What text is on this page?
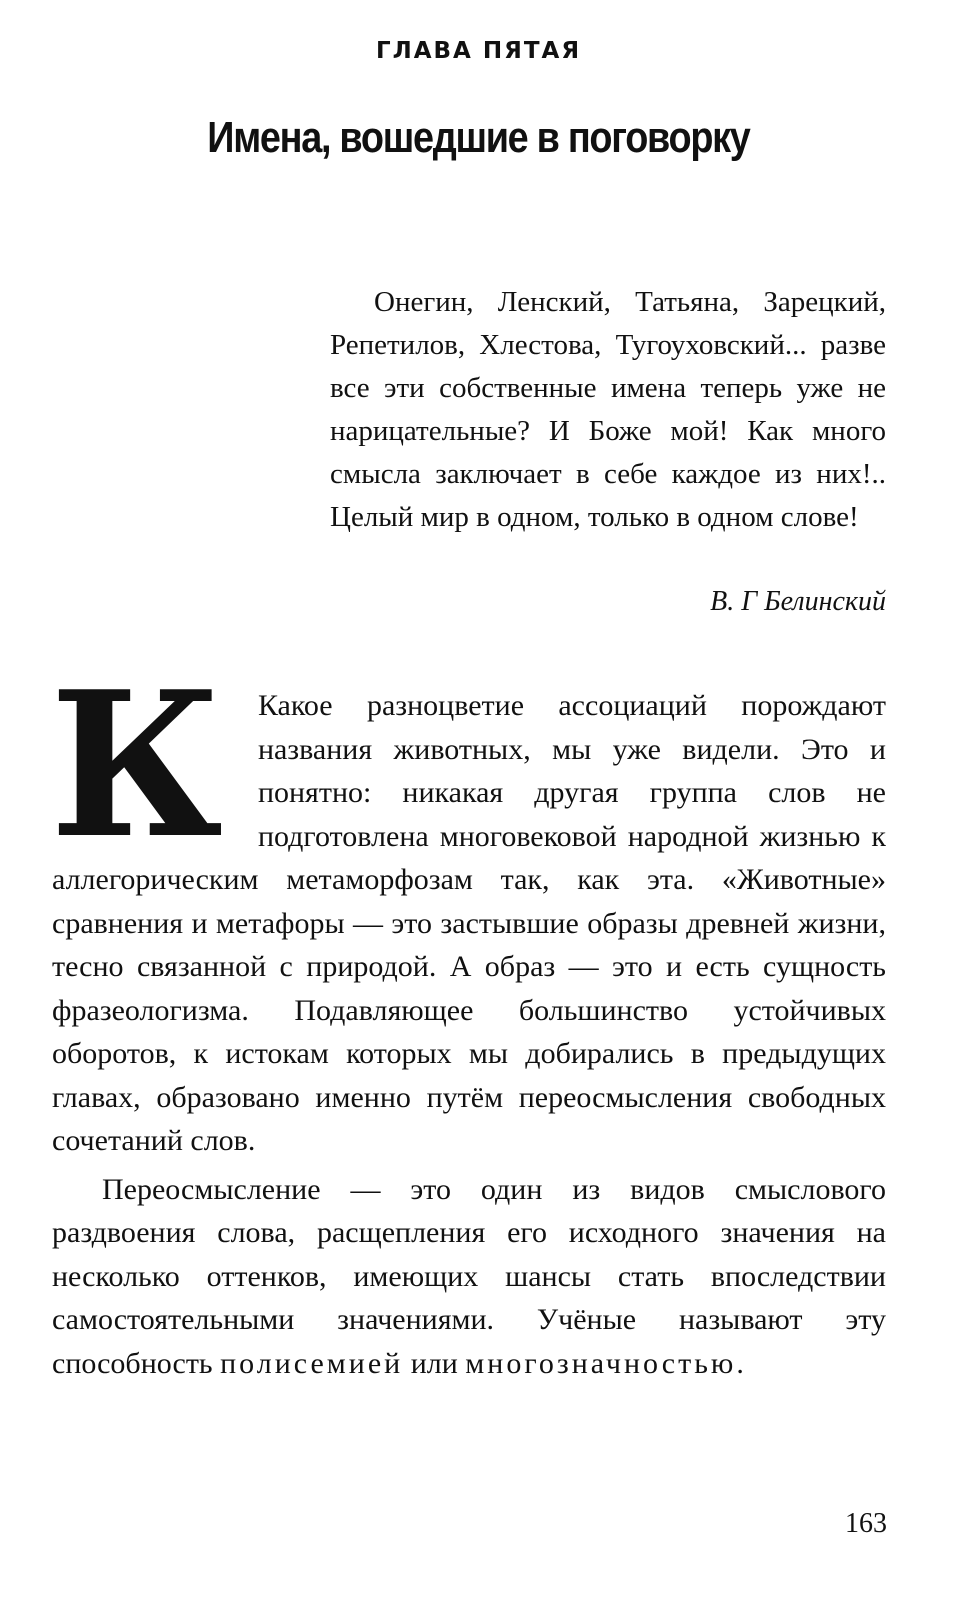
ГЛАВА ПЯТАЯ
Имена, вошедшие в поговорку

Онегин, Ленский, Татьяна, Зарецкий, Репетилов, Хлестова, Тугоуховский... разве все эти собственные имена теперь уже не нарицательные? И Боже мой! Как много смысла заключает в себе каждое из них!.. Целый мир в одном, только в одном слове!

В. Г Белинский

К Какое разноцветие ассоциаций порождают названия животных, мы уже видели. Это и понятно: никакая другая группа слов не подготовлена многовековой народной жизнью к аллегорическим метаморфозам так, как эта. «Животные» сравнения и метафоры — это застывшие образы древней жизни, тесно связанной с природой. А образ — это и есть сущность фразеологизма. Подавляющее большинство устойчивых оборотов, к истокам которых мы добирались в предыдущих главах, образовано именно путём переосмысления свободных сочетаний слов.

Переосмысление — это один из видов смыслового раздвоения слова, расщепления его исходного значения на несколько оттенков, имеющих шансы стать впоследствии самостоятельными значениями. Учёные называют эту способность полисемией или многозначностью.

163
